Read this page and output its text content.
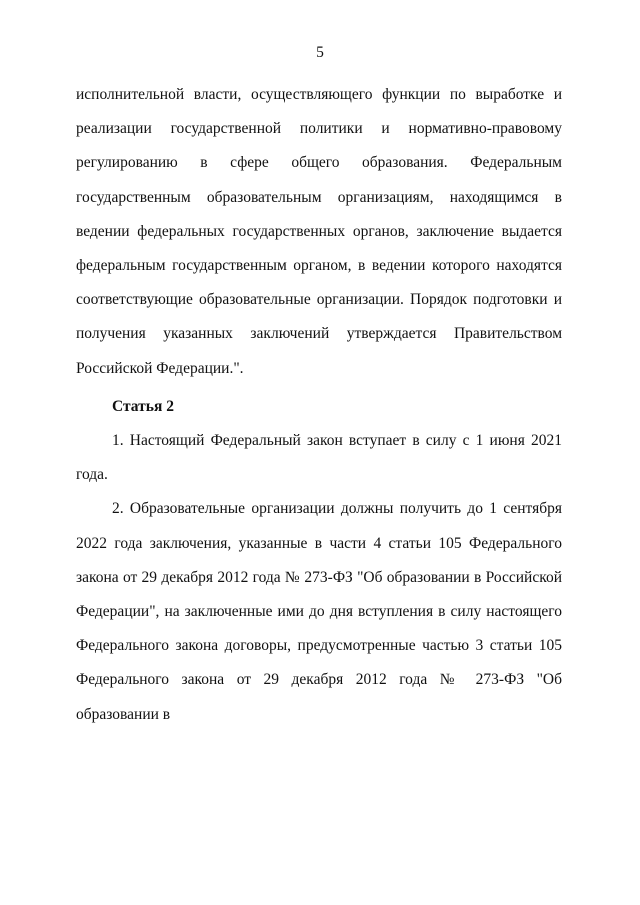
5

исполнительной власти, осуществляющего функции по выработке и реализации государственной политики и нормативно-правовому регулированию в сфере общего образования. Федеральным государственным образовательным организациям, находящимся в ведении федеральных государственных органов, заключение выдается федеральным государственным органом, в ведении которого находятся соответствующие образовательные организации. Порядок подготовки и получения указанных заключений утверждается Правительством Российской Федерации.".

Статья 2

1. Настоящий Федеральный закон вступает в силу с 1 июня 2021 года.

2. Образовательные организации должны получить до 1 сентября 2022 года заключения, указанные в части 4 статьи 105 Федерального закона от 29 декабря 2012 года № 273-ФЗ "Об образовании в Российской Федерации", на заключенные ими до дня вступления в силу настоящего Федерального закона договоры, предусмотренные частью 3 статьи 105 Федерального закона от 29 декабря 2012 года № 273-ФЗ "Об образовании в
